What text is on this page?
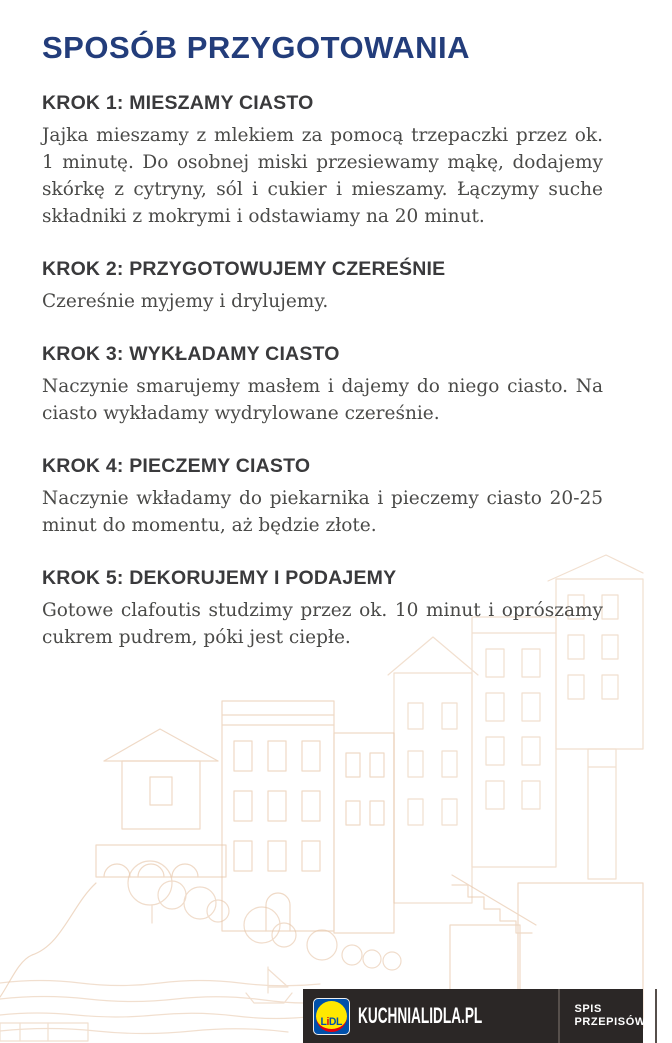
SPOSÓB PRZYGOTOWANIA
KROK 1: MIESZAMY CIASTO

Jajka mieszamy z mlekiem za pomocą trzepaczki przez ok. 1 minutę. Do osobnej miski przesiewamy mąkę, dodajemy skórkę z cytryny, sól i cukier i mieszamy. Łączymy suche składniki z mokrymi i odstawiamy na 20 minut.

KROK 2: PRZYGOTOWUJEMY CZEREŚNIE

Czereśnie myjemy i drylujemy.

KROK 3: WYKŁADAMY CIASTO

Naczynie smarujemy masłem i dajemy do niego ciasto. Na ciasto wykładamy wydrylowane czereśnie.

KROK 4: PIECZEMY CIASTO

Naczynie wkładamy do piekarnika i pieczemy ciasto 20-25 minut do momentu, aż będzie złote.

KROK 5: DEKORUJEMY I PODAJEMY

Gotowe clafoutis studzimy przez ok. 10 minut i oprószamy cukrem pudrem, póki jest ciepłe.

LiDL KUCHNIALIDLA.PL	SPIS
PRZEPISÓW 7
